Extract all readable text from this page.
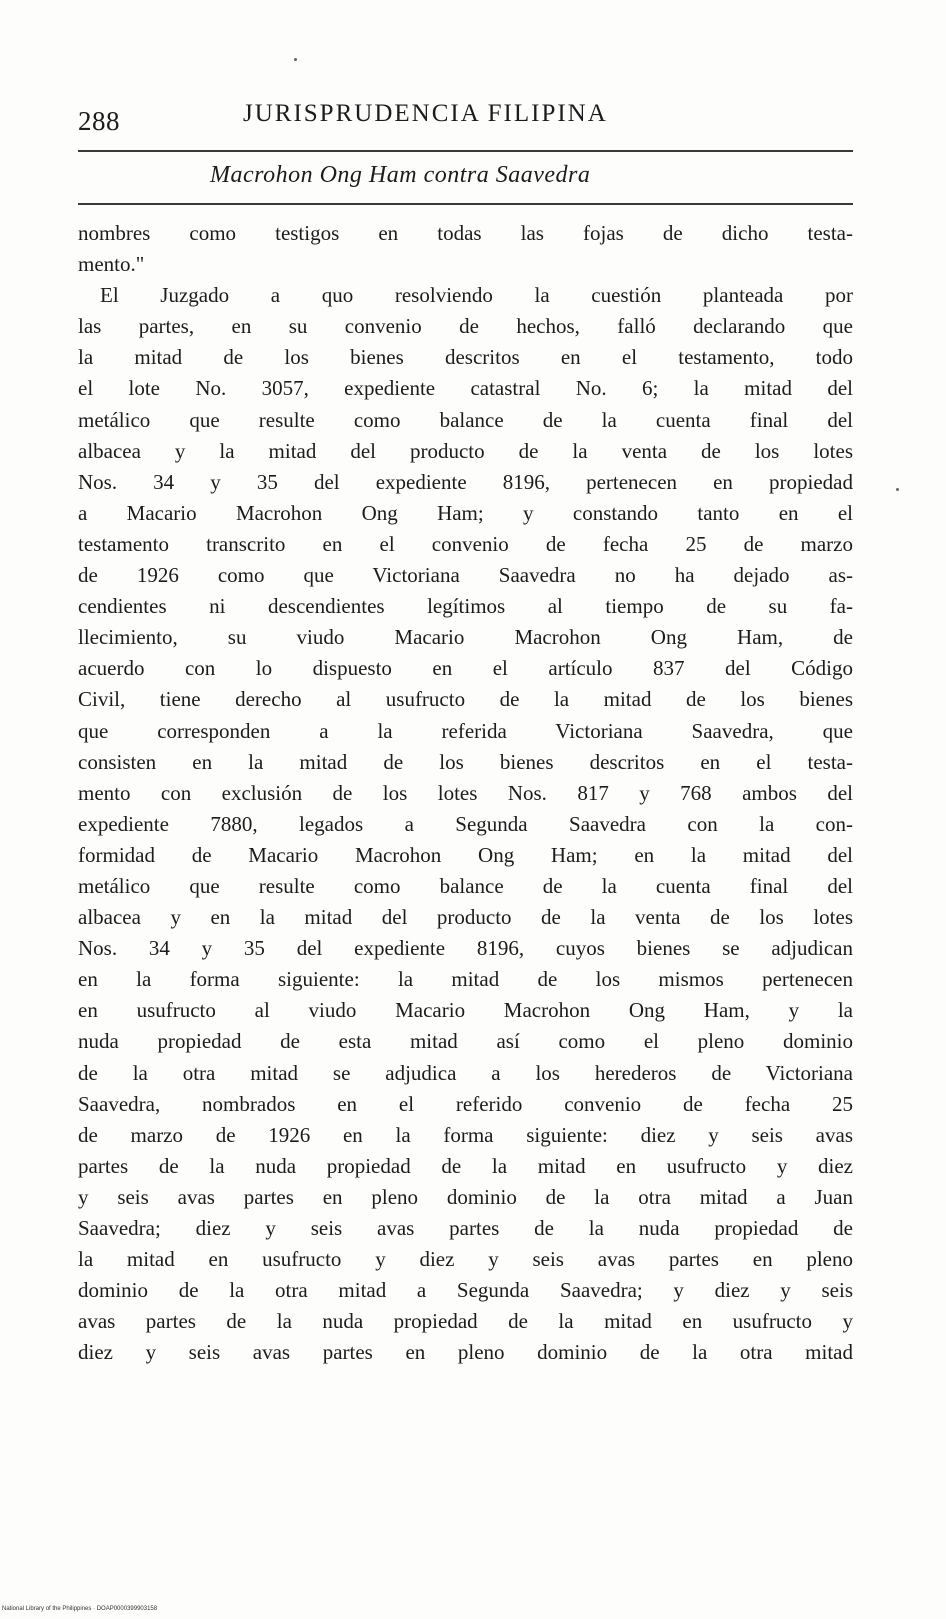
288	JURISPRUDENCIA FILIPINA
Macrohon Ong Ham contra Saavedra
nombres como testigos en todas las fojas de dicho testa-
mento."
El Juzgado a quo resolviendo la cuestión planteada por
las partes, en su convenio de hechos, falló declarando que
la mitad de los bienes descritos en el testamento, todo
el lote No. 3057, expediente catastral No. 6; la mitad del
metálico que resulte como balance de la cuenta final del
albacea y la mitad del producto de la venta de los lotes
Nos. 34 y 35 del expediente 8196, pertenecen en propiedad
a Macario Macrohon Ong Ham; y constando tanto en el
testamento transcrito en el convenio de fecha 25 de marzo
de 1926 como que Victoriana Saavedra no ha dejado as-
cendientes ni descendientes legítimos al tiempo de su fa-
llecimiento, su viudo Macario Macrohon Ong Ham, de
acuerdo con lo dispuesto en el artículo 837 del Código
Civil, tiene derecho al usufructo de la mitad de los bienes
que corresponden a la referida Victoriana Saavedra, que
consisten en la mitad de los bienes descritos en el testa-
mento con exclusión de los lotes Nos. 817 y 768 ambos del
expediente 7880, legados a Segunda Saavedra con la con-
formidad de Macario Macrohon Ong Ham; en la mitad del
metálico que resulte como balance de la cuenta final del
albacea y en la mitad del producto de la venta de los lotes
Nos. 34 y 35 del expediente 8196, cuyos bienes se adjudican
en la forma siguiente: la mitad de los mismos pertenecen
en usufructo al viudo Macario Macrohon Ong Ham, y la
nuda propiedad de esta mitad así como el pleno dominio
de la otra mitad se adjudica a los herederos de Victoriana
Saavedra, nombrados en el referido convenio de fecha 25
de marzo de 1926 en la forma siguiente: diez y seis avas
partes de la nuda propiedad de la mitad en usufructo y diez
y seis avas partes en pleno dominio de la otra mitad a Juan
Saavedra; diez y seis avas partes de la nuda propiedad de
la mitad en usufructo y diez y seis avas partes en pleno
dominio de la otra mitad a Segunda Saavedra; y diez y seis
avas partes de la nuda propiedad de la mitad en usufructo y
diez y seis avas partes en pleno dominio de la otra mitad
National Library of the Philippines · DOAP0000399903158
